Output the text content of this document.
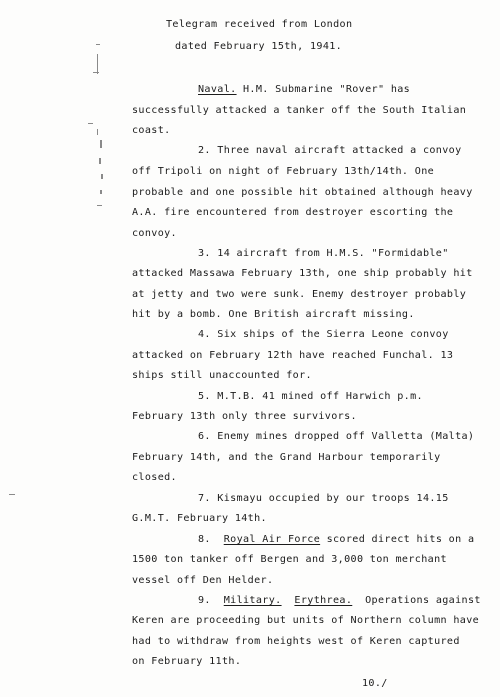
Telegram received from London
dated February 15th, 1941.
Naval. H.M. Submarine "Rover" has
successfully attacked a tanker off the South Italian
coast.
2. Three naval aircraft attacked a convoy
off Tripoli on night of February 13th/14th. One
probable and one possible hit obtained although heavy
A.A. fire encountered from destroyer escorting the
convoy.
3. 14 aircraft from H.M.S. "Formidable"
attacked Massawa February 13th, one ship probably hit
at jetty and two were sunk. Enemy destroyer probably
hit by a bomb. One British aircraft missing.
4. Six ships of the Sierra Leone convoy
attacked on February 12th have reached Funchal. 13
ships still unaccounted for.
5. M.T.B. 41 mined off Harwich p.m.
February 13th only three survivors.
6. Enemy mines dropped off Valletta (Malta)
February 14th, and the Grand Harbour temporarily
closed.
7. Kismayu occupied by our troops 14.15
G.M.T. February 14th.
8. Royal Air Force scored direct hits on a
1500 ton tanker off Bergen and 3,000 ton merchant
vessel off Den Helder.
9. Military. Erythrea. Operations against
Keren are proceeding but units of Northern column have
had to withdraw from heights west of Keren captured
on February 11th.
10./
